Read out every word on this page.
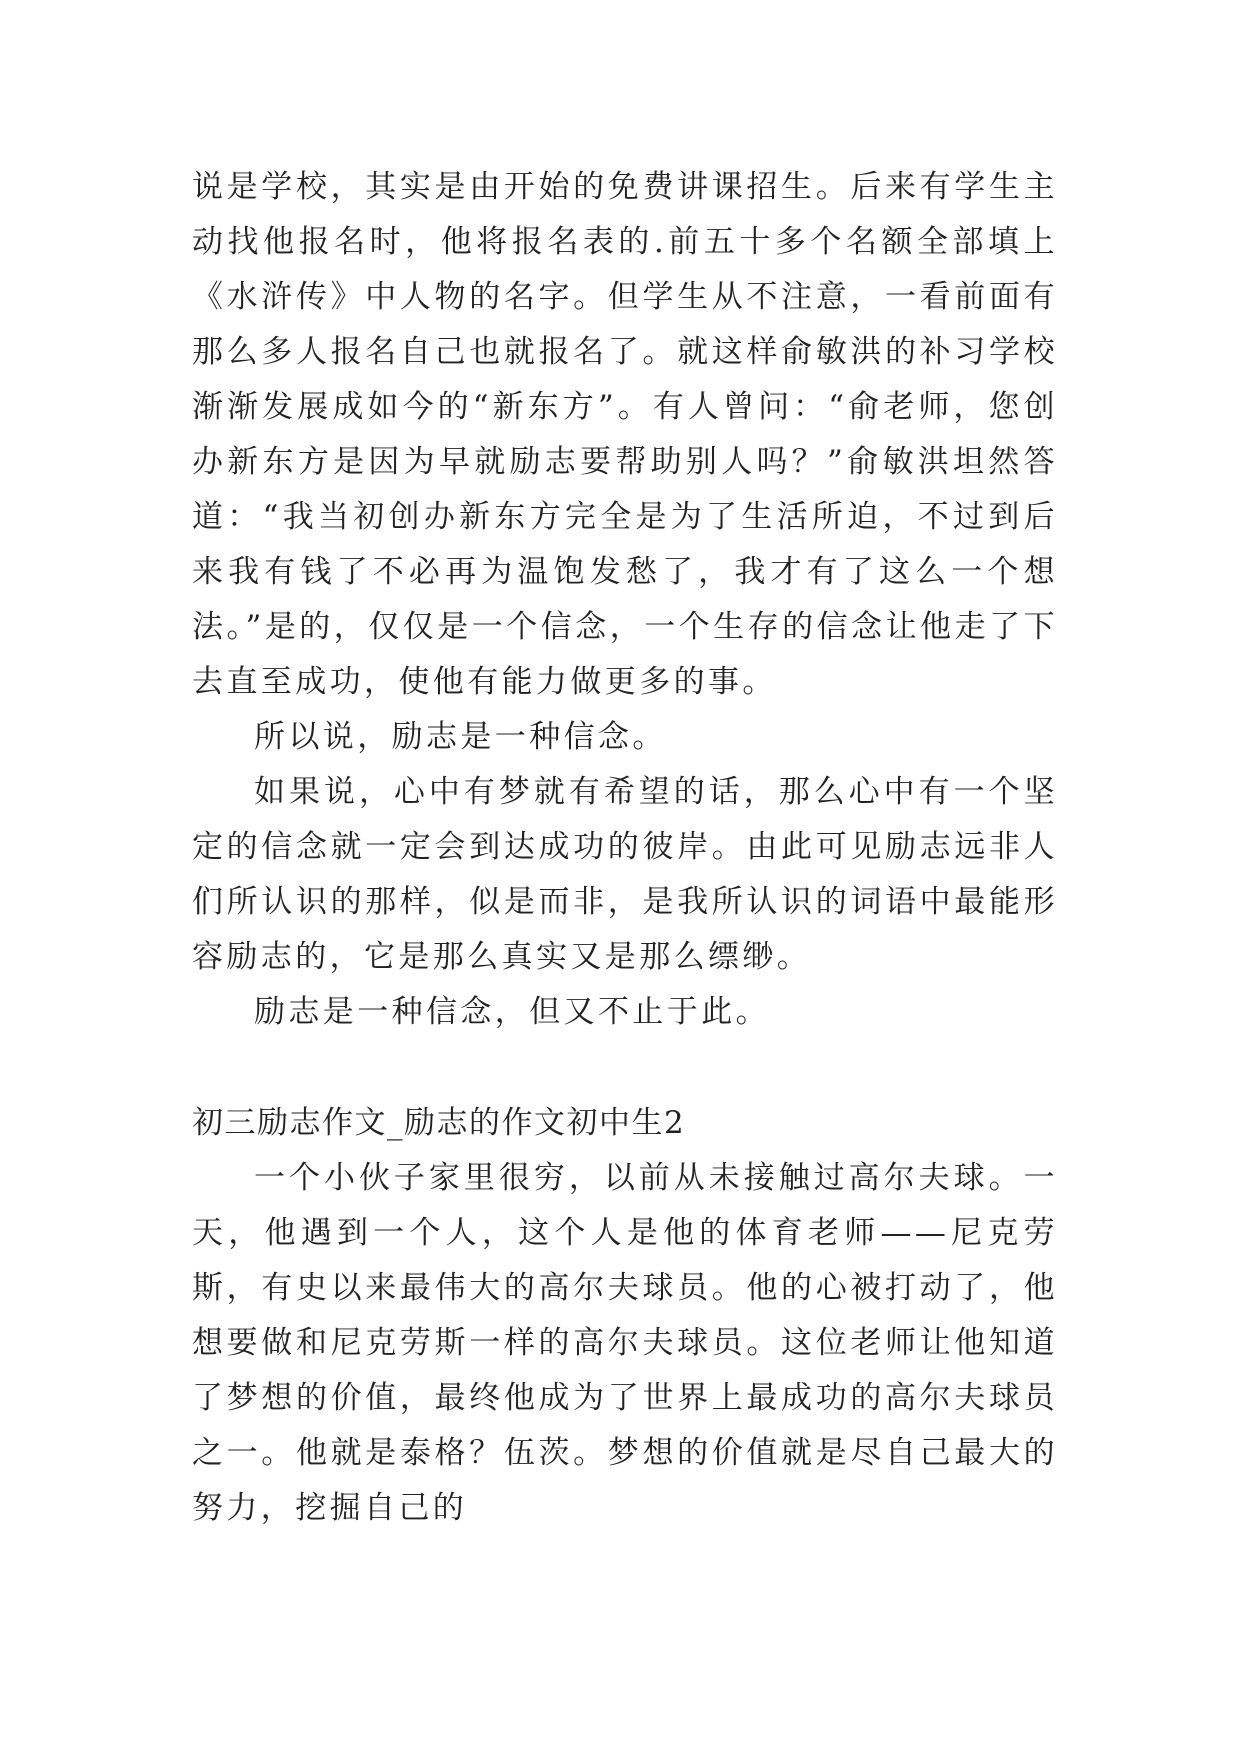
说是学校，其实是由开始的免费讲课招生。后来有学生主动找他报名时，他将报名表的.前五十多个名额全部填上《水浒传》中人物的名字。但学生从不注意，一看前面有那么多人报名自己也就报名了。就这样俞敏洪的补习学校渐渐发展成如今的“新东方”。有人曾问：“俞老师，您创办新东方是因为早就励志要帮助别人吗？”俞敏洪坦然答道：“我当初创办新东方完全是为了生活所迫，不过到后来我有钱了不必再为温饱发愁了，我才有了这么一个想法。”是的，仅仅是一个信念，一个生存的信念让他走了下去直至成功，使他有能力做更多的事。

所以说，励志是一种信念。

如果说，心中有梦就有希望的话，那么心中有一个坚定的信念就一定会到达成功的彼岸。由此可见励志远非人们所认识的那样，似是而非，是我所认识的词语中最能形容励志的，它是那么真实又是那么缥缈。

励志是一种信念，但又不止于此。

初三励志作文_励志的作文初中生2

一个小伙子家里很穷，以前从未接触过高尔夫球。一天，他遇到一个人，这个人是他的体育老师——尼克劳斯，有史以来最伟大的高尔夫球员。他的心被打动了，他想要做和尼克劳斯一样的高尔夫球员。这位老师让他知道了梦想的价值，最终他成为了世界上最成功的高尔夫球员之一。他就是泰格？伍茨。梦想的价值就是尽自己最大的努力，挖掘自己的
